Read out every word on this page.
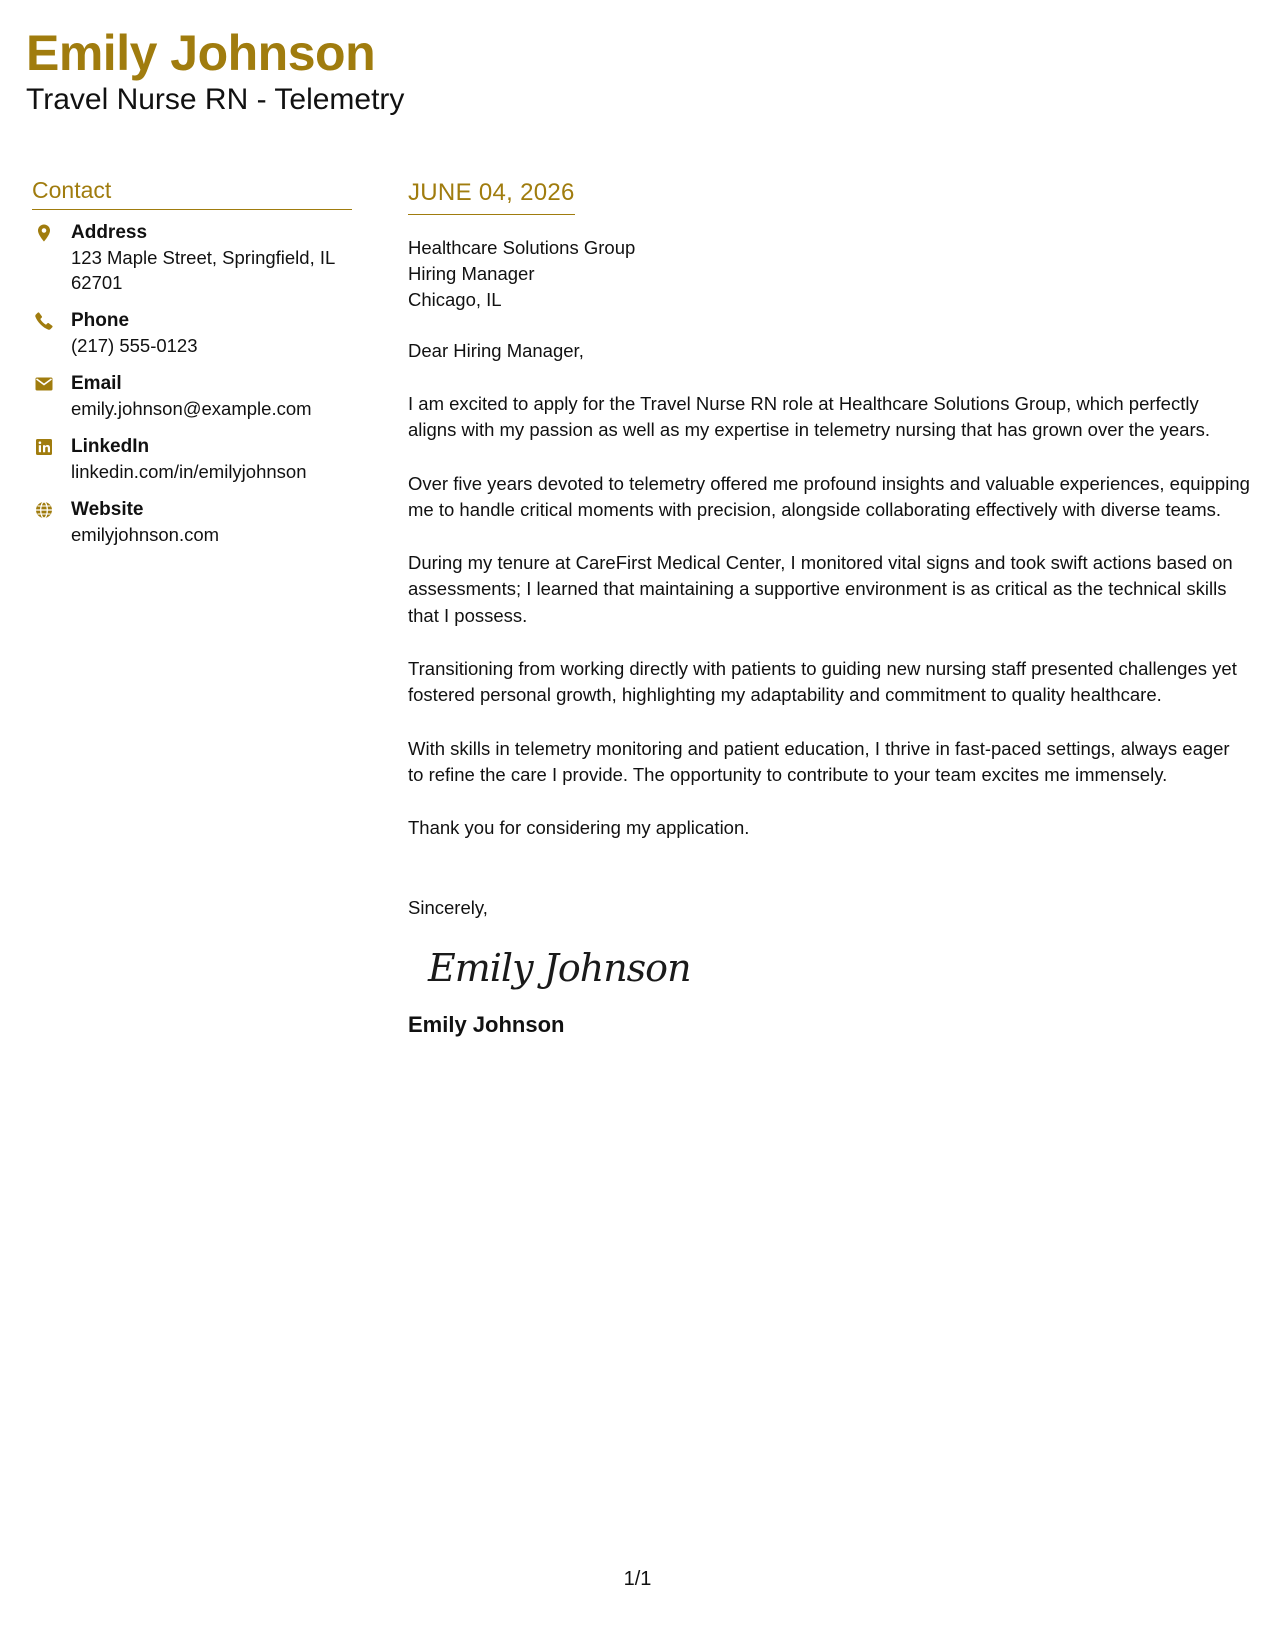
Emily Johnson
Travel Nurse RN - Telemetry
Contact
Address
123 Maple Street, Springfield, IL 62701
Phone
(217) 555-0123
Email
emily.johnson@example.com
LinkedIn
linkedin.com/in/emilyjohnson
Website
emilyjohnson.com
JUNE 04, 2026
Healthcare Solutions Group
Hiring Manager
Chicago, IL
Dear Hiring Manager,
I am excited to apply for the Travel Nurse RN role at Healthcare Solutions Group, which perfectly aligns with my passion as well as my expertise in telemetry nursing that has grown over the years.
Over five years devoted to telemetry offered me profound insights and valuable experiences, equipping me to handle critical moments with precision, alongside collaborating effectively with diverse teams.
During my tenure at CareFirst Medical Center, I monitored vital signs and took swift actions based on assessments; I learned that maintaining a supportive environment is as critical as the technical skills that I possess.
Transitioning from working directly with patients to guiding new nursing staff presented challenges yet fostered personal growth, highlighting my adaptability and commitment to quality healthcare.
With skills in telemetry monitoring and patient education, I thrive in fast-paced settings, always eager to refine the care I provide. The opportunity to contribute to your team excites me immensely.
Thank you for considering my application.
Sincerely,
Emily Johnson
Emily Johnson
1/1
